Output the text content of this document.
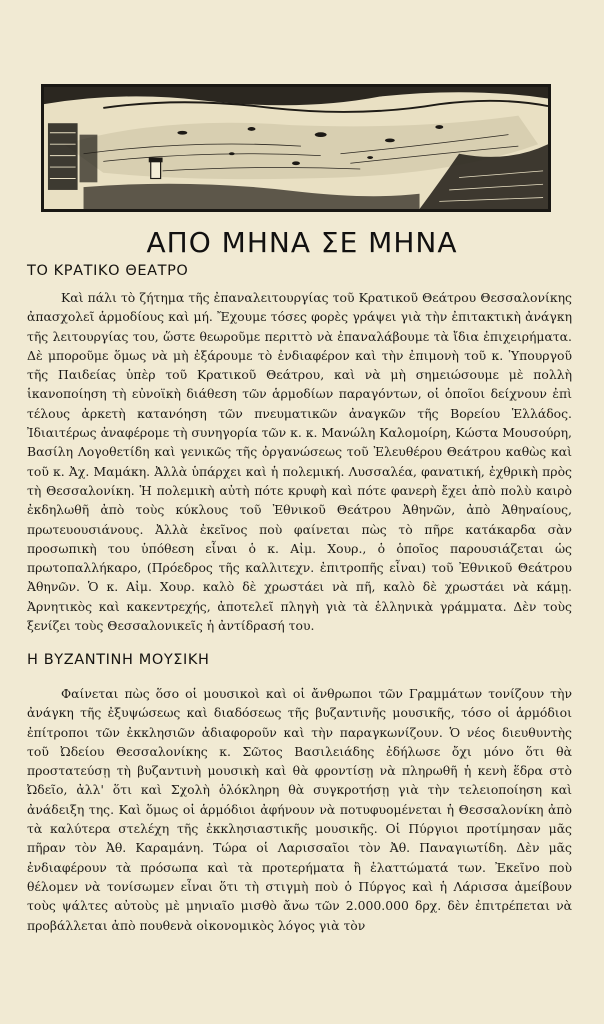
ΑΠΟ ΜΗΝΑ ΣΕ ΜΗΝΑ
ΤΟ ΚΡΑΤΙΚΟ ΘΕΑΤΡΟ

Καὶ πάλι τὸ ζήτημα τῆς ἐπαναλειτουργίας τοῦ Κρατικοῦ Θεάτρου Θεσσαλονίκης ἀπασχολεῖ ἁρμοδίους καὶ μή. Ἔχουμε τόσες φορὲς γράψει γιὰ τὴν ἐπιτακτικὴ ἀνάγκη τῆς λειτουργίας του, ὥστε θεωροῦμε περιττὸ νὰ ἐπαναλάβουμε τὰ ἴδια ἐπιχειρήματα. Δὲ μποροῦμε ὅμως νὰ μὴ ἐξάρουμε τὸ ἐνδιαφέρον καὶ τὴν ἐπιμονὴ τοῦ κ. Ὑπουργοῦ τῆς Παιδείας ὑπὲρ τοῦ Κρατικοῦ Θεάτρου, καὶ νὰ μὴ σημειώσουμε μὲ πολλὴ ἱκανοποίηση τὴ εὐνοϊκὴ διάθεση τῶν ἁρμοδίων παραγόντων, οἱ ὁποῖοι δείχνουν ἐπὶ τέλους ἀρκετὴ κατανόηση τῶν πνευματικῶν ἀναγκῶν τῆς Βορείου Ἑλλάδος. Ἰδιαιτέρως ἀναφέρομε τὴ συνηγορία τῶν κ. κ. Μανώλη Καλομοίρη, Κώστα Μουσούρη, Βασίλη Λογοθετίδη καὶ γενικῶς τῆς ὀργανώσεως τοῦ Ἐλευθέρου Θεάτρου καθὼς καὶ τοῦ κ. Ἀχ. Μαμάκη. Ἀλλὰ ὑπάρχει καὶ ἡ πολεμική. Λυσσαλέα, φανατική, ἐχθρικὴ πρὸς τὴ Θεσσαλονίκη. Ἡ πολεμικὴ αὐτὴ πότε κρυφὴ καὶ πότε φανερὴ ἔχει ἀπὸ πολὺ καιρὸ ἐκδηλωθῆ ἀπὸ τοὺς κύκλους τοῦ Ἐθνικοῦ Θεάτρου Ἀθηνῶν, ἀπὸ Ἀθηναίους, πρωτευουσιάνους. Ἀλλὰ ἐκεῖνος ποὺ φαίνεται πὼς τὸ πῆρε κατάκαρδα σὰν προσωπικὴ του ὑπόθεση εἶναι ὁ κ. Αἰμ. Χουρ., ὁ ὁποῖος παρουσιάζεται ὡς πρωτοπαλλήκαρο, (Πρόεδρος τῆς καλλιτεχν. ἐπιτροπῆς εἶναι) τοῦ Ἐθνικοῦ Θεάτρου Ἀθηνῶν. Ὁ κ. Αἰμ. Χουρ. καλὸ δὲ χρωστάει νὰ πῆ, καλὸ δὲ χρωστάει νὰ κάμῃ. Ἀρνητικὸς καὶ κακεντρεχής, ἀποτελεῖ πληγὴ γιὰ τὰ ἑλληνικὰ γράμματα. Δὲν τοὺς ξενίζει τοὺς Θεσσαλονικεῖς ἡ ἀντίδρασή του.

Η ΒΥΖΑΝΤΙΝΗ ΜΟΥΣΙΚΗ

Φαίνεται πὼς ὅσο οἱ μουσικοὶ καὶ οἱ ἄνθρωποι τῶν Γραμμάτων τονίζουν τὴν ἀνάγκη τῆς ἐξυψώσεως καὶ διαδόσεως τῆς βυζαντινῆς μουσικῆς, τόσο οἱ ἁρμόδιοι ἐπίτροποι τῶν ἐκκλησιῶν ἀδιαφοροῦν καὶ τὴν παραγκωνίζουν. Ὁ νέος διευθυντὴς τοῦ Ὠδείου Θεσσαλονίκης κ. Σῶτος Βασιλειάδης ἐδήλωσε ὄχι μόνο ὅτι θὰ προστατεύσῃ τὴ βυζαντινὴ μουσικὴ καὶ θὰ φροντίσῃ νὰ πληρωθῆ ἡ κενὴ ἕδρα στὸ Ὠδεῖο, ἀλλ' ὅτι καὶ Σχολὴ ὁλόκληρη θὰ συγκροτήσῃ γιὰ τὴν τελειοποίηση καὶ ἀνάδειξη της. Καὶ ὅμως οἱ ἁρμόδιοι ἀφήνουν νὰ ποτυφυομένεται ἡ Θεσσαλονίκη ἀπὸ τὰ καλύτερα στελέχη τῆς ἐκκλησιαστικῆς μουσικῆς. Οἱ Πύργιοι προτίμησαν μᾶς πῆραν τὸν Ἀθ. Καραμάνη. Τώρα οἱ Λαρισσαῖοι τὸν Ἀθ. Παναγιωτίδη. Δὲν μᾶς ἐνδιαφέρουν τὰ πρόσωπα καὶ τὰ προτερήματα ἢ ἐλαττώματά των. Ἐκεῖνο ποὺ θέλομεν νὰ τονίσωμεν εἶναι ὅτι τὴ στιγμὴ ποὺ ὁ Πύργος καὶ ἡ Λάρισσα ἀμείβουν τοὺς ψάλτες αὐτοὺς μὲ μηνιαῖο μισθὸ ἄνω τῶν 2.000.000 δρχ. δὲν ἐπιτρέπεται νὰ προβάλλεται ἀπὸ πουθενὰ οἰκονομικὸς λόγος γιὰ τὸν
